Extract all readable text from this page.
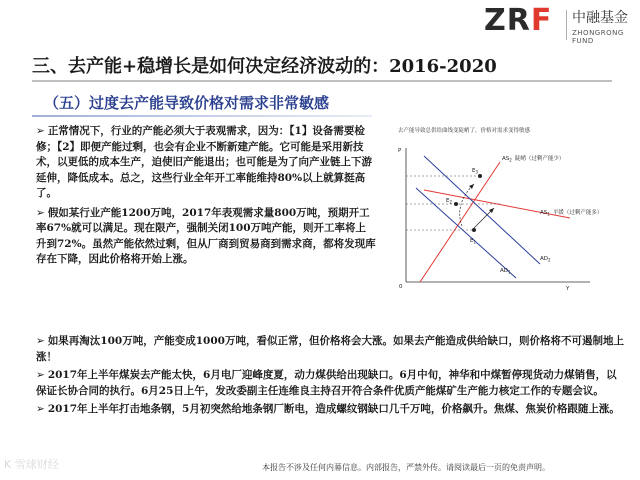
ZRF 中融基金
ZHONGRONG FUND
三、去产能+稳增长是如何决定经济波动的：2016-2020
（五）过度去产能导致价格对需求非常敏感

➢ 正常情况下，行业的产能必须大于表观需求，因为：【1】设备需要检修；【2】即便产能过剩，也会有企业不断新建产能。它可能是采用新技术，以更低的成本生产，迫使旧产能退出；也可能是为了向产业链上下游延伸，降低成本。总之，这些行业全年开工率能维持80%以上就算挺高了。

➢ 假如某行业产能1200万吨，2017年表观需求量800万吨，预期开工率67%就可以满足。现在限产，强制关闭100万吨产能，则开工率将上升到72%。虽然产能依然过剩，但从厂商到贸易商到需求商，都将发现库存在下降，因此价格将开始上涨。

去产能导致总供给曲线变陡峭了，价格对需求变得敏感
P
Y
0
$E_1$
$E_2$
$E_3$
$AS_2$ 陡峭（过剩产能少）
$AS_1$ 平缓（过剩产能多）
$AD_2$
$AD_1$

➢ 如果再淘汰100万吨，产能变成1000万吨，看似正常，但价格将会大涨。如果去产能造成供给缺口，则价格将不可遏制地上涨！

➢ 2017年上半年煤炭去产能太快，6月电厂迎峰度夏，动力煤供给出现缺口。6月中旬，神华和中煤暂停现货动力煤销售，以保证长协合同的执行。6月25日上午，发改委副主任连维良主持召开符合条件优质产能煤矿生产能力核定工作的专题会议。

➢ 2017年上半年打击地条钢，5月初突然给地条钢厂断电，造成螺纹钢缺口几千万吨，价格飙升。焦煤、焦炭价格跟随上涨。

K 雪球财经	本报告不涉及任何内幕信息。内部报告，严禁外传。请阅读最后一页的免责声明。
